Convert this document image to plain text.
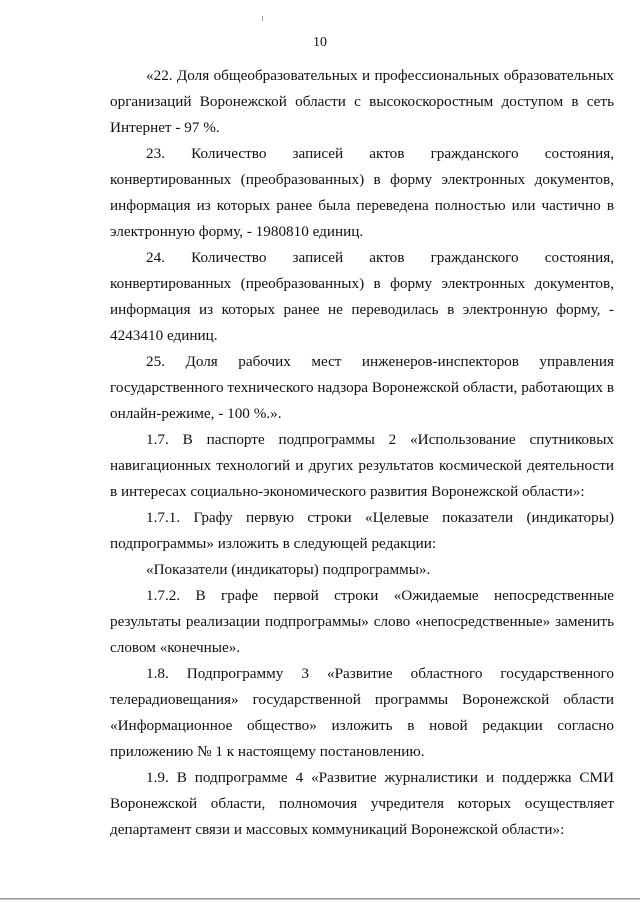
10

«22. Доля общеобразовательных и профессиональных образовательных организаций Воронежской области с высокоскоростным доступом в сеть Интернет - 97 %.

23. Количество записей актов гражданского состояния, конвертированных (преобразованных) в форму электронных документов, информация из которых ранее была переведена полностью или частично в электронную форму, - 1980810 единиц.

24. Количество записей актов гражданского состояния, конвертированных (преобразованных) в форму электронных документов, информация из которых ранее не переводилась в электронную форму, - 4243410 единиц.

25. Доля рабочих мест инженеров-инспекторов управления государственного технического надзора Воронежской области, работающих в онлайн-режиме, - 100 %.».

1.7. В паспорте подпрограммы 2 «Использование спутниковых навигационных технологий и других результатов космической деятельности в интересах социально-экономического развития Воронежской области»:

1.7.1. Графу первую строки «Целевые показатели (индикаторы) подпрограммы» изложить в следующей редакции:

«Показатели (индикаторы) подпрограммы».

1.7.2. В графе первой строки «Ожидаемые непосредственные результаты реализации подпрограммы» слово «непосредственные» заменить словом «конечные».

1.8. Подпрограмму 3 «Развитие областного государственного телерадиовещания» государственной программы Воронежской области «Информационное общество» изложить в новой редакции согласно приложению № 1 к настоящему постановлению.

1.9. В подпрограмме 4 «Развитие журналистики и поддержка СМИ Воронежской области, полномочия учредителя которых осуществляет департамент связи и массовых коммуникаций Воронежской области»:
